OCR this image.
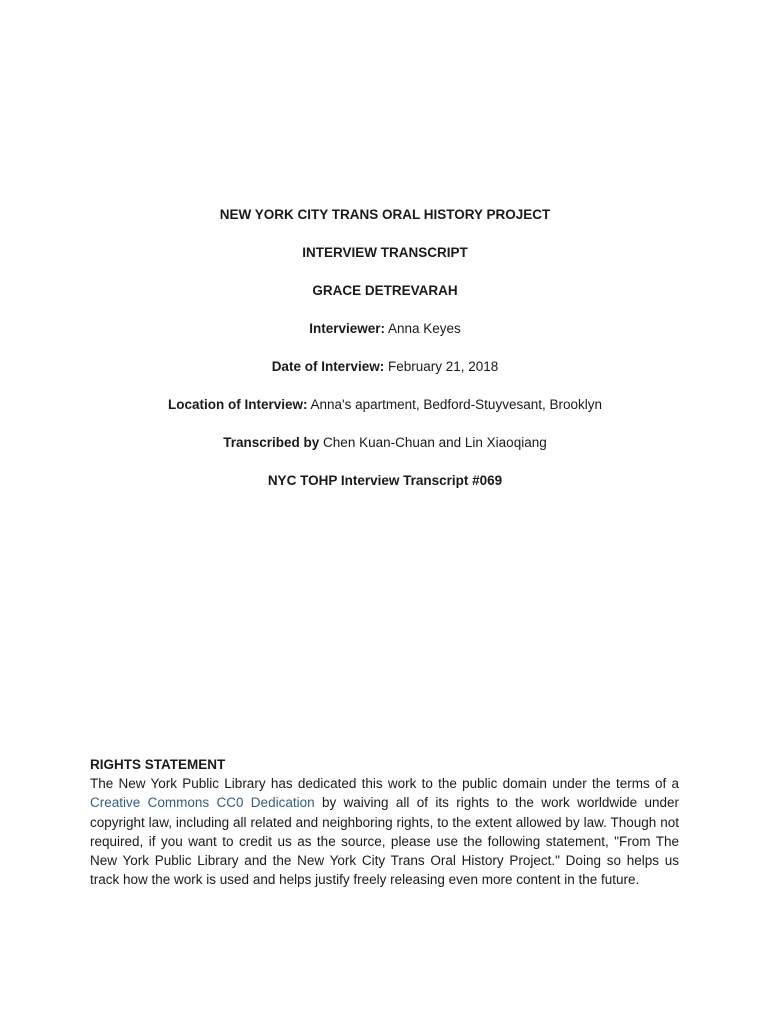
NEW YORK CITY TRANS ORAL HISTORY PROJECT
INTERVIEW TRANSCRIPT
GRACE DETREVARAH
Interviewer: Anna Keyes
Date of Interview: February 21, 2018
Location of Interview: Anna's apartment, Bedford-Stuyvesant, Brooklyn
Transcribed by Chen Kuan-Chuan and Lin Xiaoqiang
NYC TOHP Interview Transcript #069

RIGHTS STATEMENT

The New York Public Library has dedicated this work to the public domain under the terms of a Creative Commons CC0 Dedication by waiving all of its rights to the work worldwide under copyright law, including all related and neighboring rights, to the extent allowed by law. Though not required, if you want to credit us as the source, please use the following statement, "From The New York Public Library and the New York City Trans Oral History Project." Doing so helps us track how the work is used and helps justify freely releasing even more content in the future.
